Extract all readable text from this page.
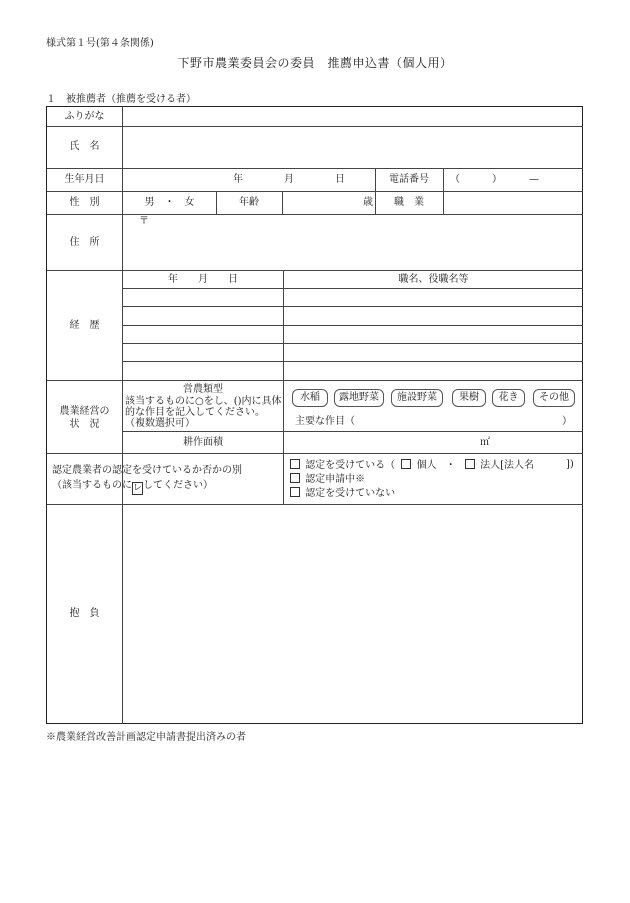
様式第１号(第４条関係)
下野市農業委員会の委員　推薦申込書（個人用）
１　被推薦者（推薦を受ける者）
ふりがな
氏　名
生年月日	年	月	日	電話番号	（	）	—
性　別	男　・　女	年齢	歳	職　業
住　所
〒
経　歴
年　　月　　日	職名、役職名等
農業経営の
状　況
営農類型
該当するものに○をし、()内に具体
的な作目を記入してください。
（複数選択可）
水稲	露地野菜	施設野菜	果樹	花き	その他
主要な作目（	）
耕作面積	㎡
認定農業者の認定を受けているか否かの別
（該当するものにレしてください）
認定を受けている（ 個人 ・ 法人[法人名	])
認定申請中※
認定を受けていない
抱　負
※農業経営改善計画認定申請書提出済みの者
